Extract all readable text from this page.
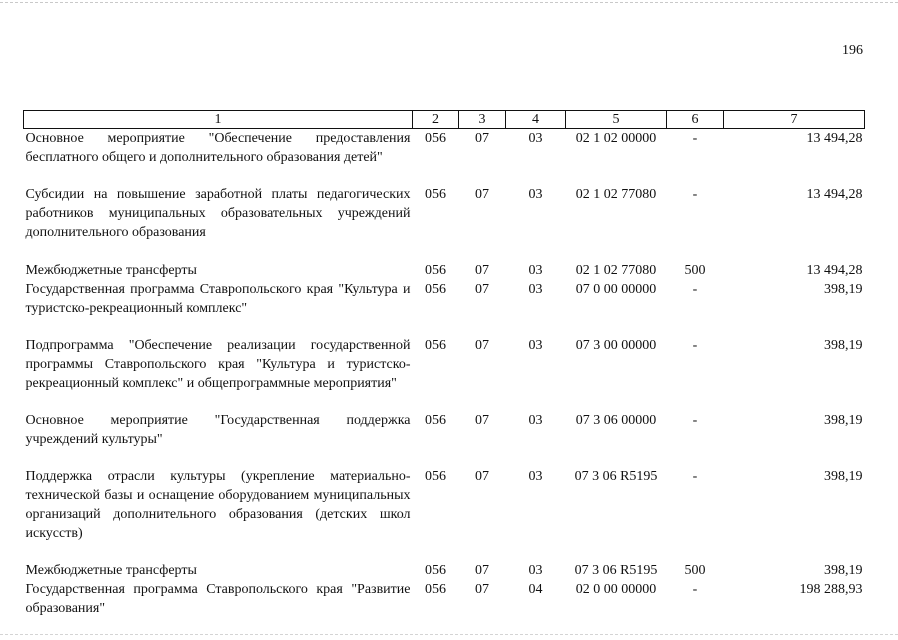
196
1	2	3	4	5	6	7
Основное мероприятие "Обеспечение предоставления бесплатного общего и дополнительного образования детей"	056	07	03	02 1 02 00000	-	13 494,28
Субсидии на повышение заработной платы педагогических работников муниципальных образовательных учреждений дополнительного образования	056	07	03	02 1 02 77080	-	13 494,28
Межбюджетные трансферты	056	07	03	02 1 02 77080	500	13 494,28
Государственная программа Ставропольского края "Культура и туристско-рекреационный комплекс"	056	07	03	07 0 00 00000	-	398,19
Подпрограмма "Обеспечение реализации государственной программы Ставропольского края "Культура и туристско-рекреационный комплекс" и общепрограммные мероприятия"	056	07	03	07 3 00 00000	-	398,19
Основное мероприятие "Государственная поддержка учреждений культуры"	056	07	03	07 3 06 00000	-	398,19
Поддержка отрасли культуры (укрепление материально-технической базы и оснащение оборудованием муниципальных организаций дополнительного образования (детских школ искусств)	056	07	03	07 3 06 R5195	-	398,19
Межбюджетные трансферты	056	07	03	07 3 06 R5195	500	398,19
Государственная программа Ставропольского края "Развитие образования"	056	07	04	02 0 00 00000	-	198 288,93
